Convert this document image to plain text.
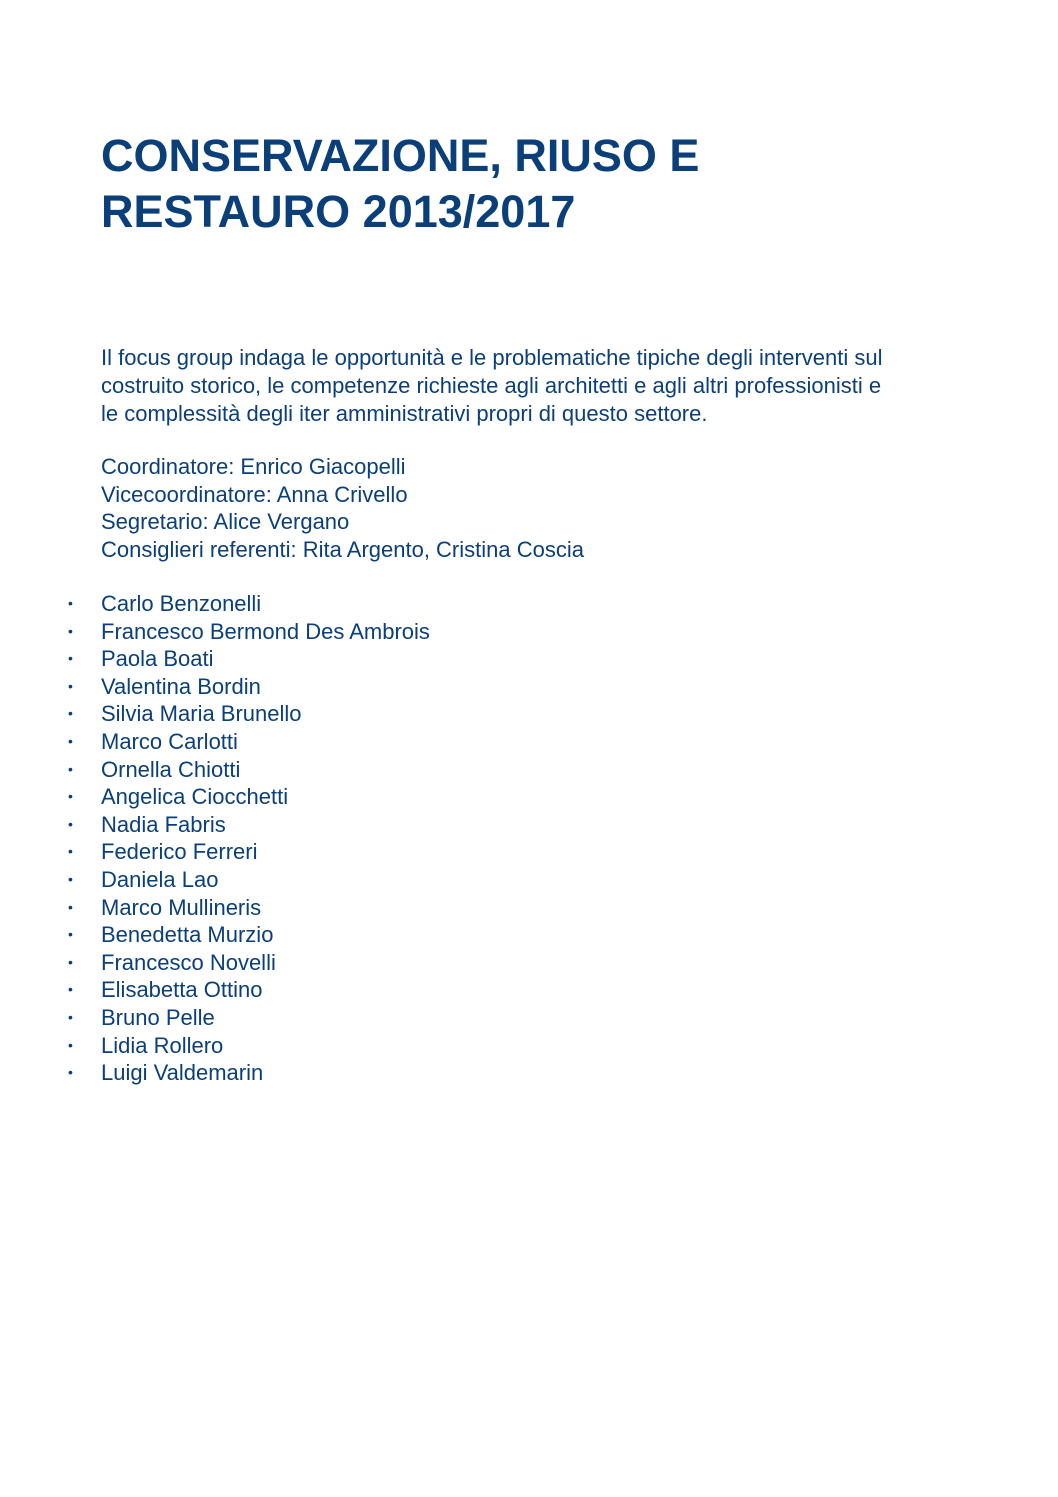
CONSERVAZIONE, RIUSO E
RESTAURO 2013/2017

Il focus group indaga le opportunità e le problematiche tipiche degli interventi sul
costruito storico, le competenze richieste agli architetti e agli altri professionisti e
le complessità degli iter amministrativi propri di questo settore.

Coordinatore: Enrico Giacopelli
Vicecoordinatore: Anna Crivello
Segretario: Alice Vergano
Consiglieri referenti: Rita Argento, Cristina Coscia
• Carlo Benzonelli
• Francesco Bermond Des Ambrois
• Paola Boati
• Valentina Bordin
• Silvia Maria Brunello
• Marco Carlotti
• Ornella Chiotti
• Angelica Ciocchetti
• Nadia Fabris
• Federico Ferreri
• Daniela Lao
• Marco Mullineris
• Benedetta Murzio
• Francesco Novelli
• Elisabetta Ottino
• Bruno Pelle
• Lidia Rollero
• Luigi Valdemarin
